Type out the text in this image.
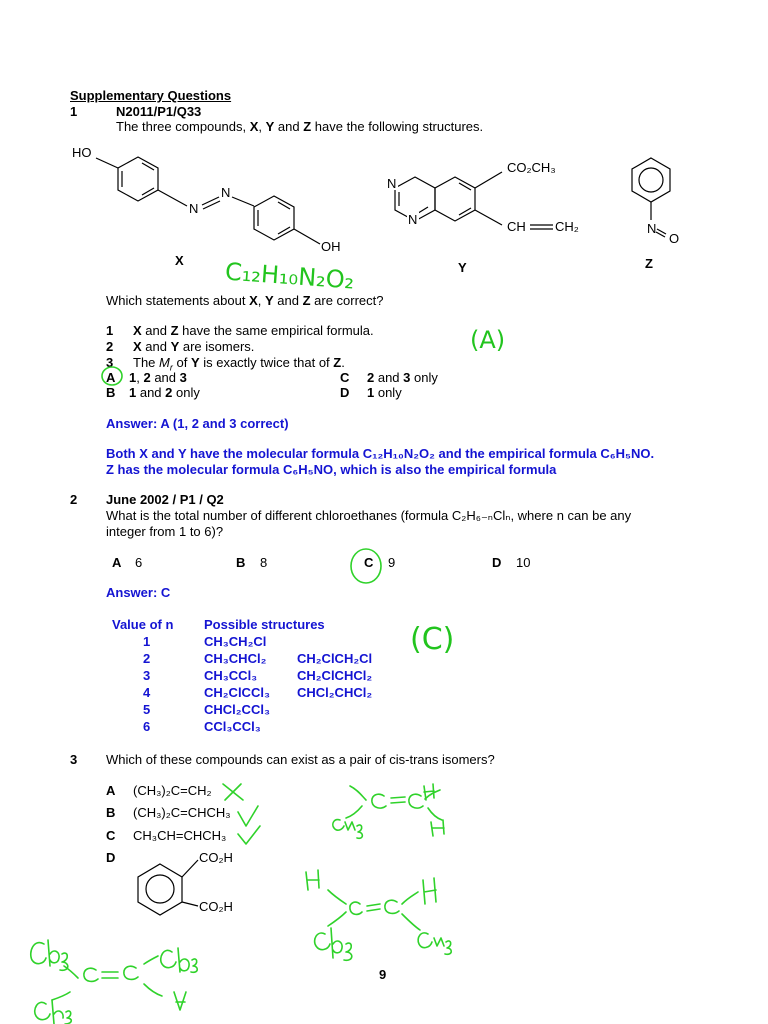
Supplementary Questions
1	N2011/P1/Q33
The three compounds, X, Y and Z have the following structures.
HO
N
N
OH
X
N
N
CO₂CH₃
CH CH₂
Y
N
O
Z
C₁₂H₁₀N₂O₂
Which statements about X, Y and Z are correct?
1 X and Z have the same empirical formula.
2 X and Y are isomers.
3 The $M_r$ of Y is exactly twice that of Z.
A 1, 2 and 3
B 1 and 2 only
C 2 and 3 only
D 1 only
(A)
Answer: A (1, 2 and 3 correct)
Both X and Y have the molecular formula C₁₂H₁₀N₂O₂ and the empirical formula C₆H₅NO.
Z has the molecular formula C₆H₅NO, which is also the empirical formula
2 June 2002 / P1 / Q2
What is the total number of different chloroethanes (formula C₂H₆₋ₙClₙ, where n can be any
integer from 1 to 6)?
A 6	B 8	C 9	D 10
Answer: C
Value of n Possible structures
1	CH₃CH₂Cl
2	CH₃CHCl₂ CH₂ClCH₂Cl
3	CH₃CCl₃	CH₂ClCHCl₂
4	CH₂ClCCl₃ CHCl₂CHCl₂
5	CHCl₂CCl₃
6	CCl₃CCl₃
(C)
3 Which of these compounds can exist as a pair of cis-trans isomers?
A (CH₃)₂C=CH₂
B (CH₃)₂C=CHCH₃
C CH₃CH=CHCH₃
D	CO₂H
CO₂H
9
